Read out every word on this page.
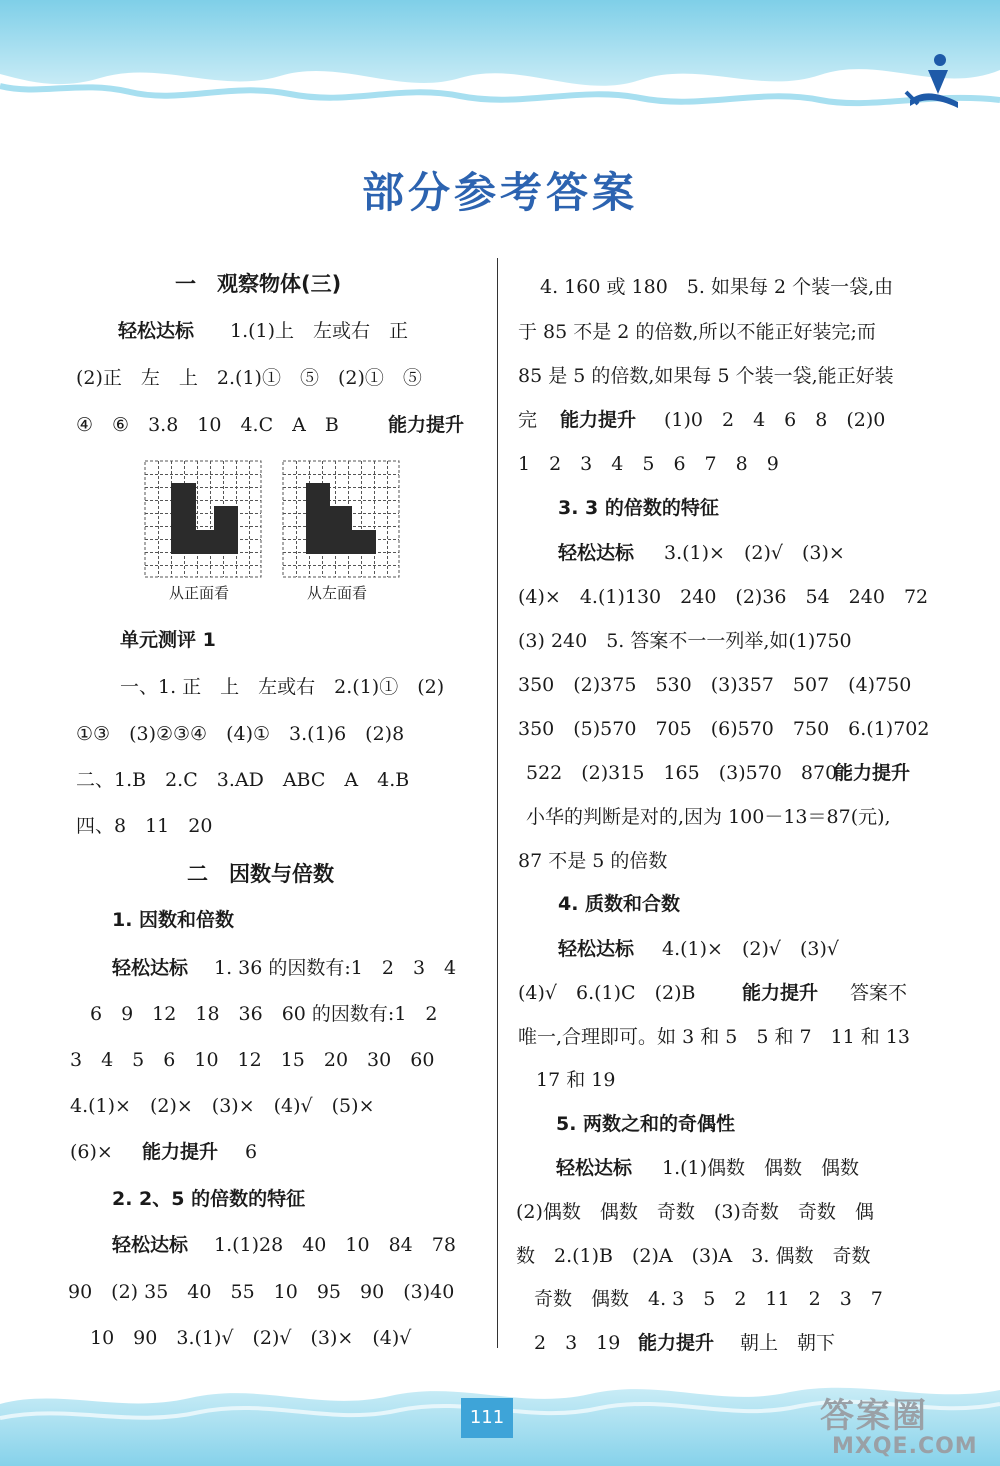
部分参考答案
一　观察物体(三)
轻松达标 1.(1)上　左或右　正
(2)正　左　上　2.(1)①　⑤　(2)①　⑤
④　⑥　3.8　10　4.C　A　B	能力提升
从正面看	从左面看
单元测评 1
一、1. 正　上　左或右　2.(1)①　(2)
①③　(3)②③④　(4)①　3.(1)6　(2)8
二、1.B　2.C　3.AD　ABC　A　4.B
四、8　11　20
二　因数与倍数
1. 因数和倍数
轻松达标 1. 36 的因数有:1　2　3　4
6　9　12　18　36　60 的因数有:1　2
3　4　5　6　10　12　15　20　30　60
4.(1)×　(2)×　(3)×　(4)√　(5)×
(6)× 能力提升 6
2. 2、5 的倍数的特征
轻松达标 1.(1)28　40　10　84　78
90　(2) 35　40　55　10　95　90　(3)40
10　90　3.(1)√　(2)√　(3)×　(4)√
4. 160 或 180　5. 如果每 2 个装一袋,由
于 85 不是 2 的倍数,所以不能正好装完;而
85 是 5 的倍数,如果每 5 个装一袋,能正好装
完 能力提升 (1)0　2　4　6　8　(2)0
1　2　3　4　5　6　7　8　9
3. 3 的倍数的特征
轻松达标 3.(1)×　(2)√　(3)×
(4)×　4.(1)130　240　(2)36　54　240　72
(3) 240　5. 答案不一一列举,如(1)750
350　(2)375　530　(3)357　507　(4)750
350　(5)570　705　(6)570　750　6.(1)702
522　(2)315　165　(3)570　870
能力提升
小华的判断是对的,因为 100－13＝87(元),
87 不是 5 的倍数
4. 质数和合数
轻松达标 4.(1)×　(2)√　(3)√
(4)√　6.(1)C　(2)B 能力提升 答案不
唯一,合理即可。如 3 和 5　5 和 7　11 和 13
17 和 19
5. 两数之和的奇偶性
轻松达标 1.(1)偶数　偶数　偶数
(2)偶数　偶数　奇数　(3)奇数　奇数　偶
数　2.(1)B　(2)A　(3)A　3. 偶数　奇数
奇数　偶数　4. 3　5　2　11　2　3　7
2　3　19 能力提升 朝上　朝下
111	答案圈
MXQE.COM
